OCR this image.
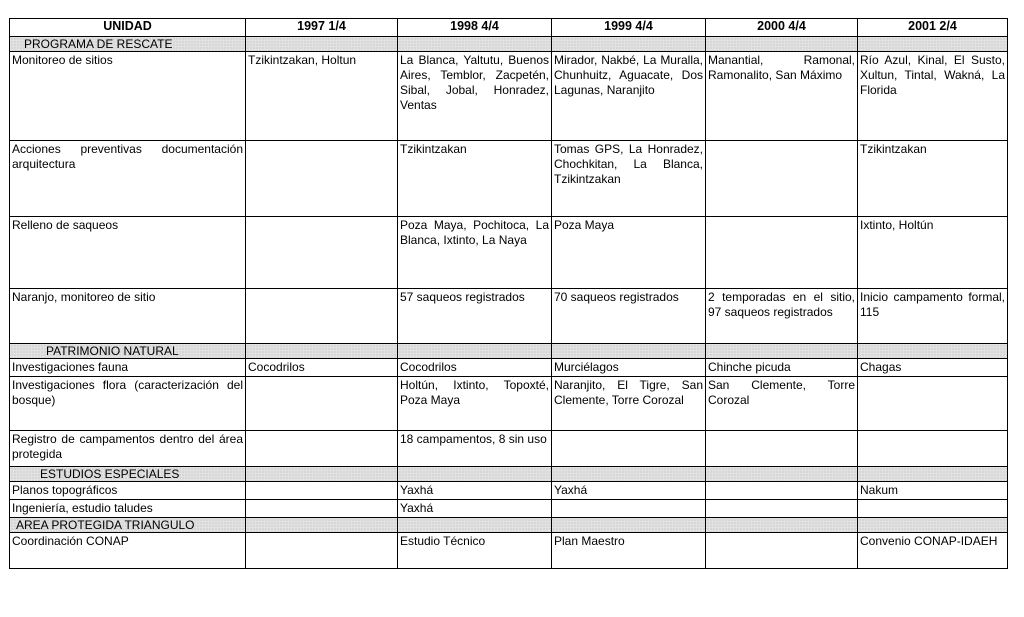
UNIDAD	1997 1/4	1998 4/4	1999 4/4	2000 4/4	2001 2/4
PROGRAMA DE RESCATE					
Monitoreo de sitios	Tzikintzakan, Holtun	La Blanca, Yaltutu, Buenos Aires, Temblor, Zacpetén, Sibal, Jobal, Honradez, Ventas	Mirador, Nakbé, La Muralla, Chunhuitz, Aguacate, Dos Lagunas, Naranjito	Manantial, Ramonal, Ramonalito, San Máximo	Río Azul, Kinal, El Susto, Xultun, Tintal, Wakná, La Florida
Acciones preventivas documentación arquitectura		Tzikintzakan	Tomas GPS, La Honradez, Chochkitan, La Blanca, Tzikintzakan		Tzikintzakan
Relleno de saqueos		Poza Maya, Pochitoca, La Blanca, Ixtinto, La Naya	Poza Maya		Ixtinto, Holtún
Naranjo, monitoreo de sitio		57 saqueos registrados	70 saqueos registrados	2 temporadas en el sitio, 97 saqueos registrados	Inicio campamento formal, 115
PATRIMONIO NATURAL					
Investigaciones fauna	Cocodrilos	Cocodrilos	Murciélagos	Chinche picuda	Chagas
Investigaciones flora (caracterización del bosque)		Holtún, Ixtinto, Topoxté, Poza Maya	Naranjito, El Tigre, San Clemente, Torre Corozal	San Clemente, Torre Corozal	
Registro de campamentos dentro del área protegida		18 campamentos, 8 sin uso			
ESTUDIOS ESPECIALES					
Planos topográficos		Yaxhá	Yaxhá		Nakum
Ingeniería, estudio taludes		Yaxhá			
AREA PROTEGIDA TRIANGULO					
Coordinación CONAP		Estudio Técnico	Plan Maestro		Convenio CONAP-IDAEH
